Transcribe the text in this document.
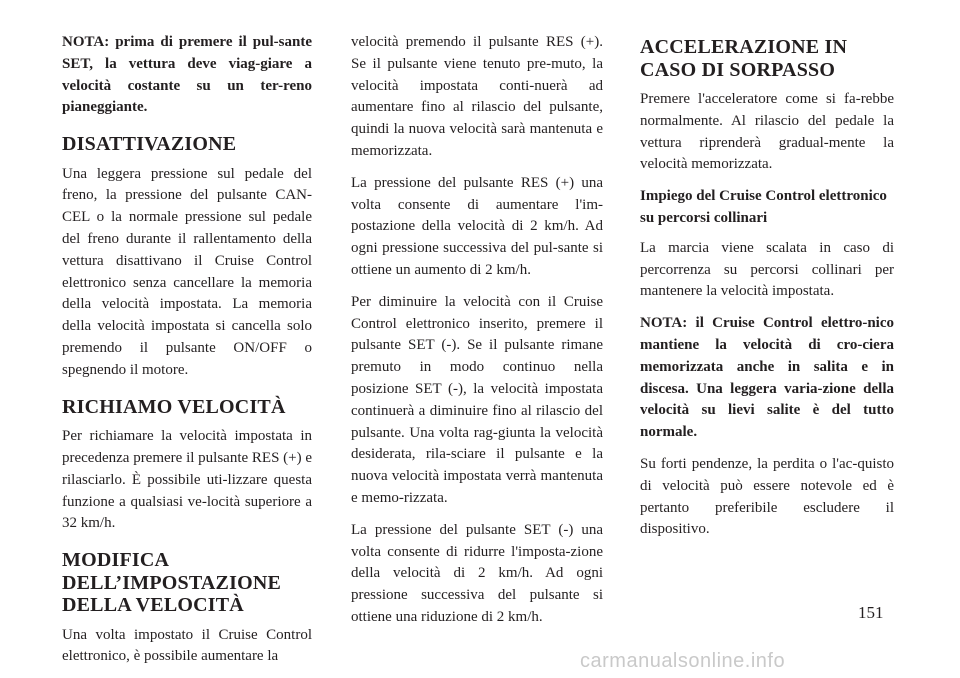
NOTA: prima di premere il pul-sante SET, la vettura deve viag-giare a velocità costante su un ter-reno pianeggiante.

DISATTIVAZIONE

Una leggera pressione sul pedale del freno, la pressione del pulsante CAN-CEL o la normale pressione sul pedale del freno durante il rallentamento della vettura disattivano il Cruise Control elettronico senza cancellare la memoria della velocità impostata. La memoria della velocità impostata si cancella solo premendo il pulsante ON/OFF o spegnendo il motore.

RICHIAMO VELOCITÀ

Per richiamare la velocità impostata in precedenza premere il pulsante RES (+) e rilasciarlo. È possibile uti-lizzare questa funzione a qualsiasi ve-locità superiore a 32 km/h.

MODIFICA DELL’IMPOSTAZIONE DELLA VELOCITÀ

Una volta impostato il Cruise Control elettronico, è possibile aumentare la

velocità premendo il pulsante RES (+). Se il pulsante viene tenuto pre-muto, la velocità impostata conti-nuerà ad aumentare fino al rilascio del pulsante, quindi la nuova velocità sarà mantenuta e memorizzata.

La pressione del pulsante RES (+) una volta consente di aumentare l'im-postazione della velocità di 2 km/h. Ad ogni pressione successiva del pul-sante si ottiene un aumento di 2 km/h.

Per diminuire la velocità con il Cruise Control elettronico inserito, premere il pulsante SET (-). Se il pulsante rimane premuto in modo continuo nella posizione SET (-), la velocità impostata continuerà a diminuire fino al rilascio del pulsante. Una volta rag-giunta la velocità desiderata, rila-sciare il pulsante e la nuova velocità impostata verrà mantenuta e memo-rizzata.

La pressione del pulsante SET (-) una volta consente di ridurre l'imposta-zione della velocità di 2 km/h. Ad ogni pressione successiva del pulsante si ottiene una riduzione di 2 km/h.

ACCELERAZIONE IN CASO DI SORPASSO

Premere l'acceleratore come si fa-rebbe normalmente. Al rilascio del pedale la vettura riprenderà gradual-mente la velocità memorizzata.

Impiego del Cruise Control elettronico su percorsi collinari

La marcia viene scalata in caso di percorrenza su percorsi collinari per mantenere la velocità impostata.

NOTA: il Cruise Control elettro-nico mantiene la velocità di cro-ciera memorizzata anche in salita e in discesa. Una leggera varia-zione della velocità su lievi salite è del tutto normale.

Su forti pendenze, la perdita o l'ac-quisto di velocità può essere notevole ed è pertanto preferibile escludere il dispositivo.

151
carmanualsonline.info
